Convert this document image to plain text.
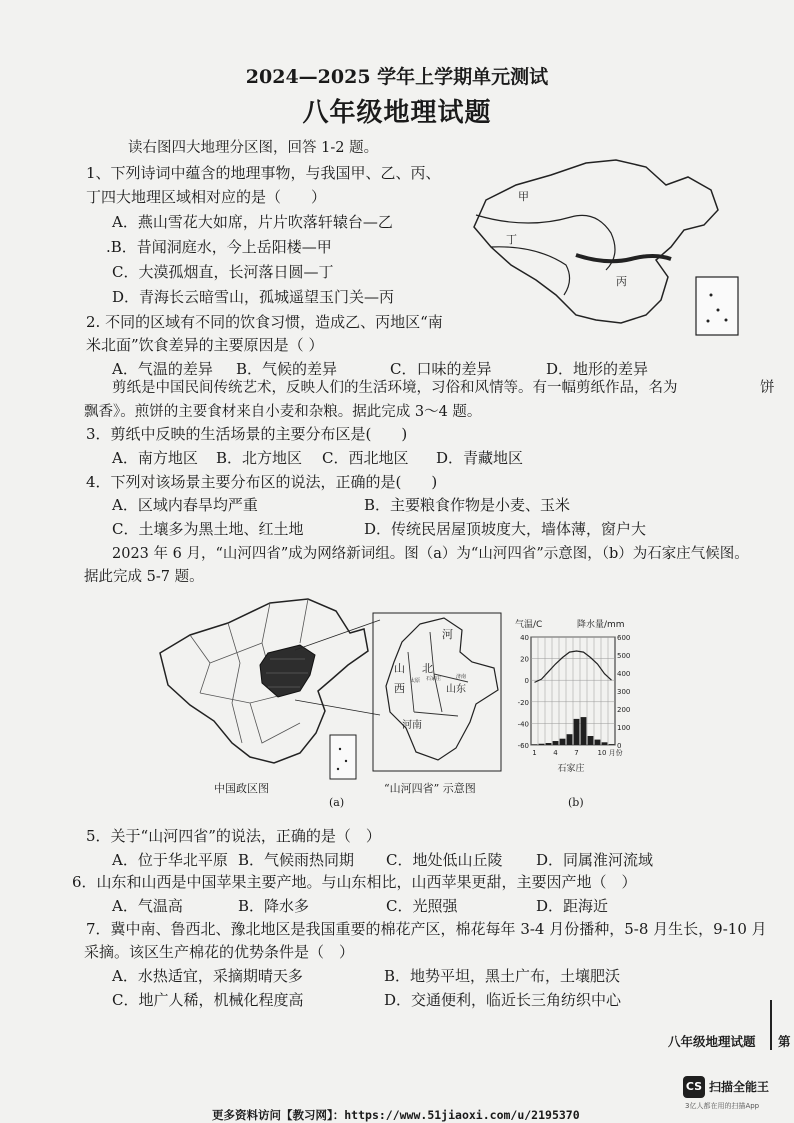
2024—2025 学年上学期单元测试
八年级地理试题
读右图四大地理分区图，回答 1-2 题。
1、下列诗词中蕴含的地理事物，与我国甲、乙、丙、
丁四大地理区域相对应的是（　　）
A．燕山雪花大如席，片片吹落轩辕台—乙
.B．昔闻洞庭水，今上岳阳楼—甲
C．大漠孤烟直，长河落日圆—丁
D．青海长云暗雪山，孤城遥望玉门关—丙
2. 不同的区域有不同的饮食习惯，造成乙、丙地区“南
米北面”饮食差异的主要原因是（ ）
A．气温的差异 B．气候的差异	C．口味的差异	D．地形的差异
甲
丁
丙
剪纸是中国民间传统艺术，反映人们的生活环境，习俗和风情等。有一幅剪纸作品，名为	饼
飘香》。煎饼的主要食材来自小麦和杂粮。据此完成 3～4 题。
3．剪纸中反映的生活场景的主要分布区是(　　)
A．南方地区 B．北方地区 C．西北地区 D．青藏地区
4．下列对该场景主要分布区的说法，正确的是(　　)
A．区域内春旱均严重	B．主要粮食作物是小麦、玉米
C．土壤多为黑土地、红土地	D．传统民居屋顶坡度大，墙体薄，窗户大
2023 年 6 月，“山河四省”成为网络新词组。图（a）为“山河四省”示意图，（b）为石家庄气候图。
据此完成 5-7 题。
河
山 北
西	山东
河南
太原 石家庄	济南
中国政区图	“山河四省” 示意图
(a)
气温/C	降水量/mm
40
20
0
-20
-40
-60
600
500
400
300
200
100
0
1 4 7	10 月份
石家庄
(b)
5．关于“山河四省”的说法，正确的是（　）
A．位于华北平原 B．气候雨热同期 C．地处低山丘陵 D．同属淮河流域
6．山东和山西是中国苹果主要产地。与山东相比，山西苹果更甜，主要因产地（　）
A．气温高	B．降水多	C．光照强	D．距海近
7．冀中南、鲁西北、豫北地区是我国重要的棉花产区，棉花每年 3-4 月份播种，5-8 月生长，9-10 月
采摘。该区生产棉花的优势条件是（　）
A．水热适宜，采摘期晴天多	B．地势平坦，黑土广布，土壤肥沃
C．地广人稀，机械化程度高	D．交通便利，临近长三角纺织中心
八年级地理试题 第
CS 扫描全能王
3亿人都在用的扫描App
更多资料访问【教习网】：https://www.51jiaoxi.com/u/2195370
